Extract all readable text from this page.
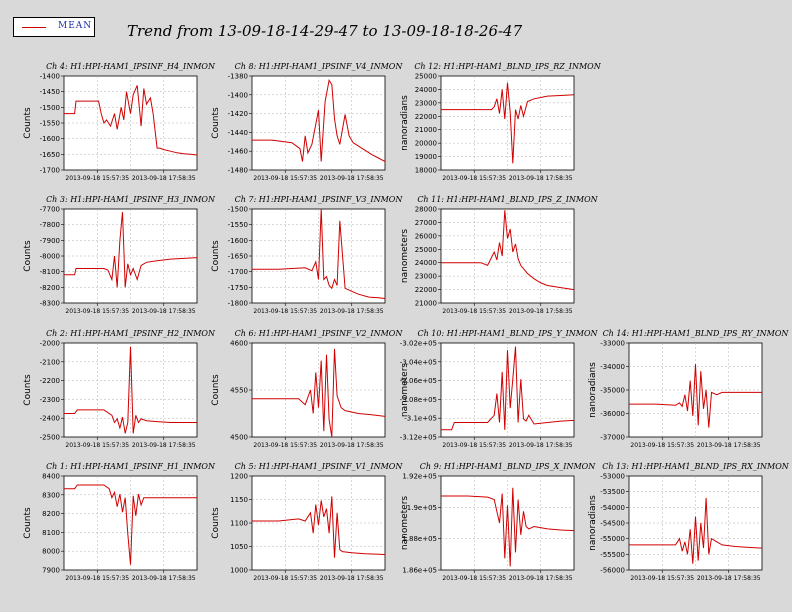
MEAN Trend from 13-09-18-14-29-47 to 13-09-18-18-26-47
Ch 4: H1:HPI-HAM1_IPSINF_H4_INMON
-1400
-1450
-1500
-1550
-1600
-1650
-1700
2013-09-18 15:57:35 2013-09-18 17:58:35
Counts
Ch 8: H1:HPI-HAM1_IPSINF_V4_INMON
-1380
-1400
-1420
-1440
-1460
-1480
2013-09-18 15:57:35 2013-09-18 17:58:35
Counts
Ch 12: H1:HPI-HAM1_BLND_IPS_RZ_INMON
25000
24000
23000
22000
21000
20000
19000
18000
2013-09-18 15:57:35 2013-09-18 17:58:35
nanoradians
Ch 3: H1:HPI-HAM1_IPSINF_H3_INMON
-7700
-7800
-7900
-8000
-8100
-8200
-8300
2013-09-18 15:57:35 2013-09-18 17:58:35
Counts
Ch 7: H1:HPI-HAM1_IPSINF_V3_INMON
-1500
-1550
-1600
-1650
-1700
-1750
-1800
2013-09-18 15:57:35 2013-09-18 17:58:35
Counts
Ch 11: H1:HPI-HAM1_BLND_IPS_Z_INMON
28000
27000
26000
25000
24000
23000
22000
21000
2013-09-18 15:57:35 2013-09-18 17:58:35
nanometers
Ch 2: H1:HPI-HAM1_IPSINF_H2_INMON
-2000
-2100
-2200
-2300
-2400
-2500
2013-09-18 15:57:35 2013-09-18 17:58:35
Counts
Ch 6: H1:HPI-HAM1_IPSINF_V2_INMON
4600
4550
4500
2013-09-18 15:57:35 2013-09-18 17:58:35
Counts
Ch 10: H1:HPI-HAM1_BLND_IPS_Y_INMON
-3.02e+05
-3.04e+05
-3.06e+05
-3.08e+05
-3.1e+05
-3.12e+05
2013-09-18 15:57:35 2013-09-18 17:58:35
nanometers
Ch 14: H1:HPI-HAM1_BLND_IPS_RY_INMON
-33000
-34000
-35000
-36000
-37000
2013-09-18 15:57:35 2013-09-18 17:58:35
nanoradians
Ch 1: H1:HPI-HAM1_IPSINF_H1_INMON
8400
8300
8200
8100
8000
7900
2013-09-18 15:57:35 2013-09-18 17:58:35
Counts
Ch 5: H1:HPI-HAM1_IPSINF_V1_INMON
1200
1150
1100
1050
1000
2013-09-18 15:57:35 2013-09-18 17:58:35
Counts
Ch 9: H1:HPI-HAM1_BLND_IPS_X_INMON
1.92e+05
1.9e+05
1.88e+05
1.86e+05
2013-09-18 15:57:35 2013-09-18 17:58:35
nanometers
Ch 13: H1:HPI-HAM1_BLND_IPS_RX_INMON
-53000
-53500
-54000
-54500
-55000
-55500
-56000
2013-09-18 15:57:35 2013-09-18 17:58:35
nanoradians
